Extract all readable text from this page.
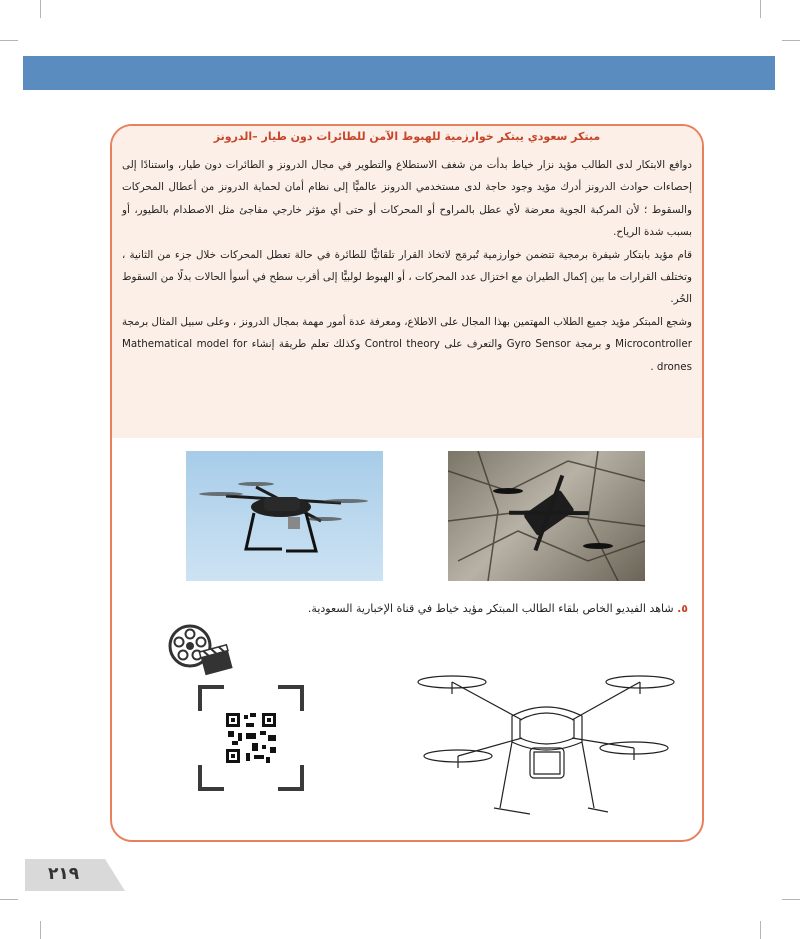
مبتكر سعودي يبتكر خوارزمية للهبوط الآمن للطائرات دون طيار –الدرونز

دوافع الابتكار لدى الطالب مؤيد نزار خياط بدأت من شغف الاستطلاع والتطوير في مجال الدرونز و الطائرات دون طيار، واستنادًا إلى إحصاءات حوادث الدرونز أدرك مؤيد وجود حاجة لدى مستخدمي الدرونز عالميًّا إلى نظام أمان لحماية الدرونز من أعطال المحركات والسقوط ؛ لأن المركبة الجوية معرضة لأي عطل بالمراوح أو المحركات أو حتى أي مؤثر خارجي مفاجئ مثل الاصطدام بالطيور، أو بسبب شدة الرياح.

قام مؤيد بابتكار شيفرة برمجية تتضمن خوارزمية تُبرمَج لاتخاذ القرار تلقائيًّا للطائرة في حالة تعطل المحركات خلال جزء من الثانية ، وتختلف القرارات ما بين إكمال الطيران مع اختزال عدد المحركات ، أو الهبوط لولبيًّا إلى أقرب سطح في أسوأ الحالات بدلًا من السقوط الحُر.

وشجع المبتكر مؤيد جميع الطلاب المهتمين بهذا المجال على الاطلاع، ومعرفة عدة أمور مهمة بمجال الدرونز ، وعلى سبيل المثال برمجة Microcontroller و برمجة Gyro Sensor والتعرف على Control theory وكذلك تعلم طريقة إنشاء Mathematical model for drones .

٥. شاهد الفيديو الخاص بلقاء الطالب المبتكر مؤيد خياط في قناة الإخبارية السعودية.
٢١٩
